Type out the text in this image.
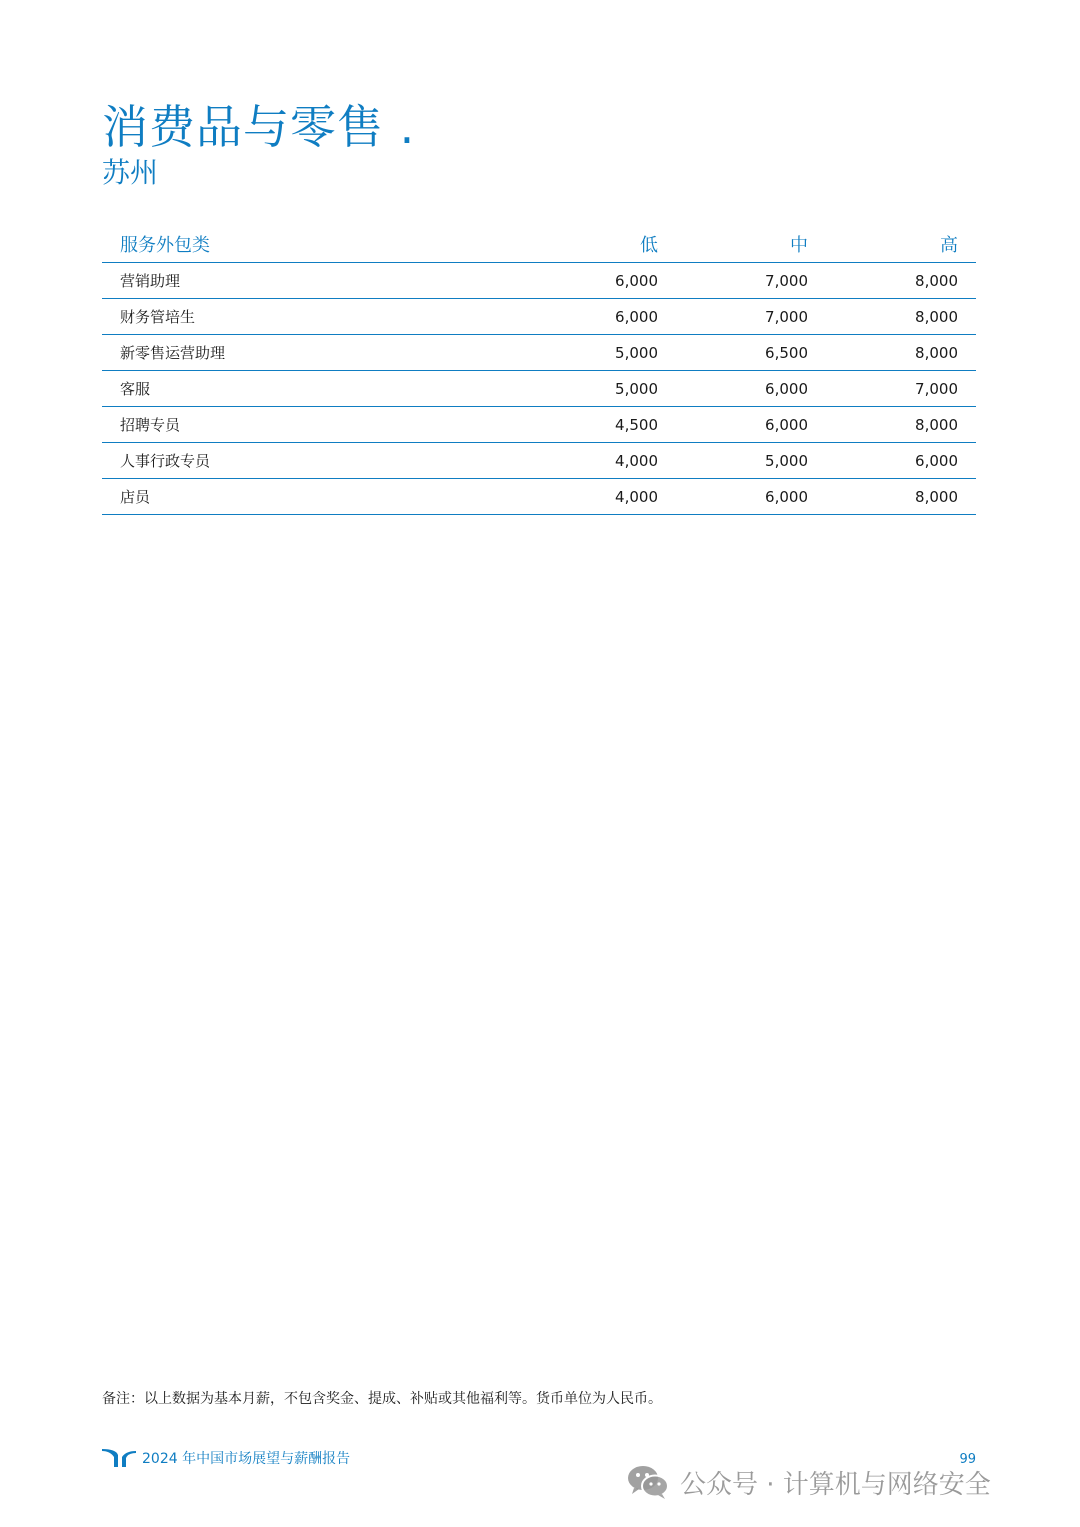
消费品与零售 .
苏州
服务外包类	低	中	高
营销助理	6,000	7,000	8,000
财务管培生	6,000	7,000	8,000
新零售运营助理	5,000	6,500	8,000
客服	5,000	6,000	7,000
招聘专员	4,500	6,000	8,000
人事行政专员	4,000	5,000	6,000
店员	4,000	6,000	8,000
备注：以上数据为基本月薪，不包含奖金、提成、补贴或其他福利等。货币单位为人民币。
2024 年中国市场展望与薪酬报告	99
公众号 · 计算机与网络安全
